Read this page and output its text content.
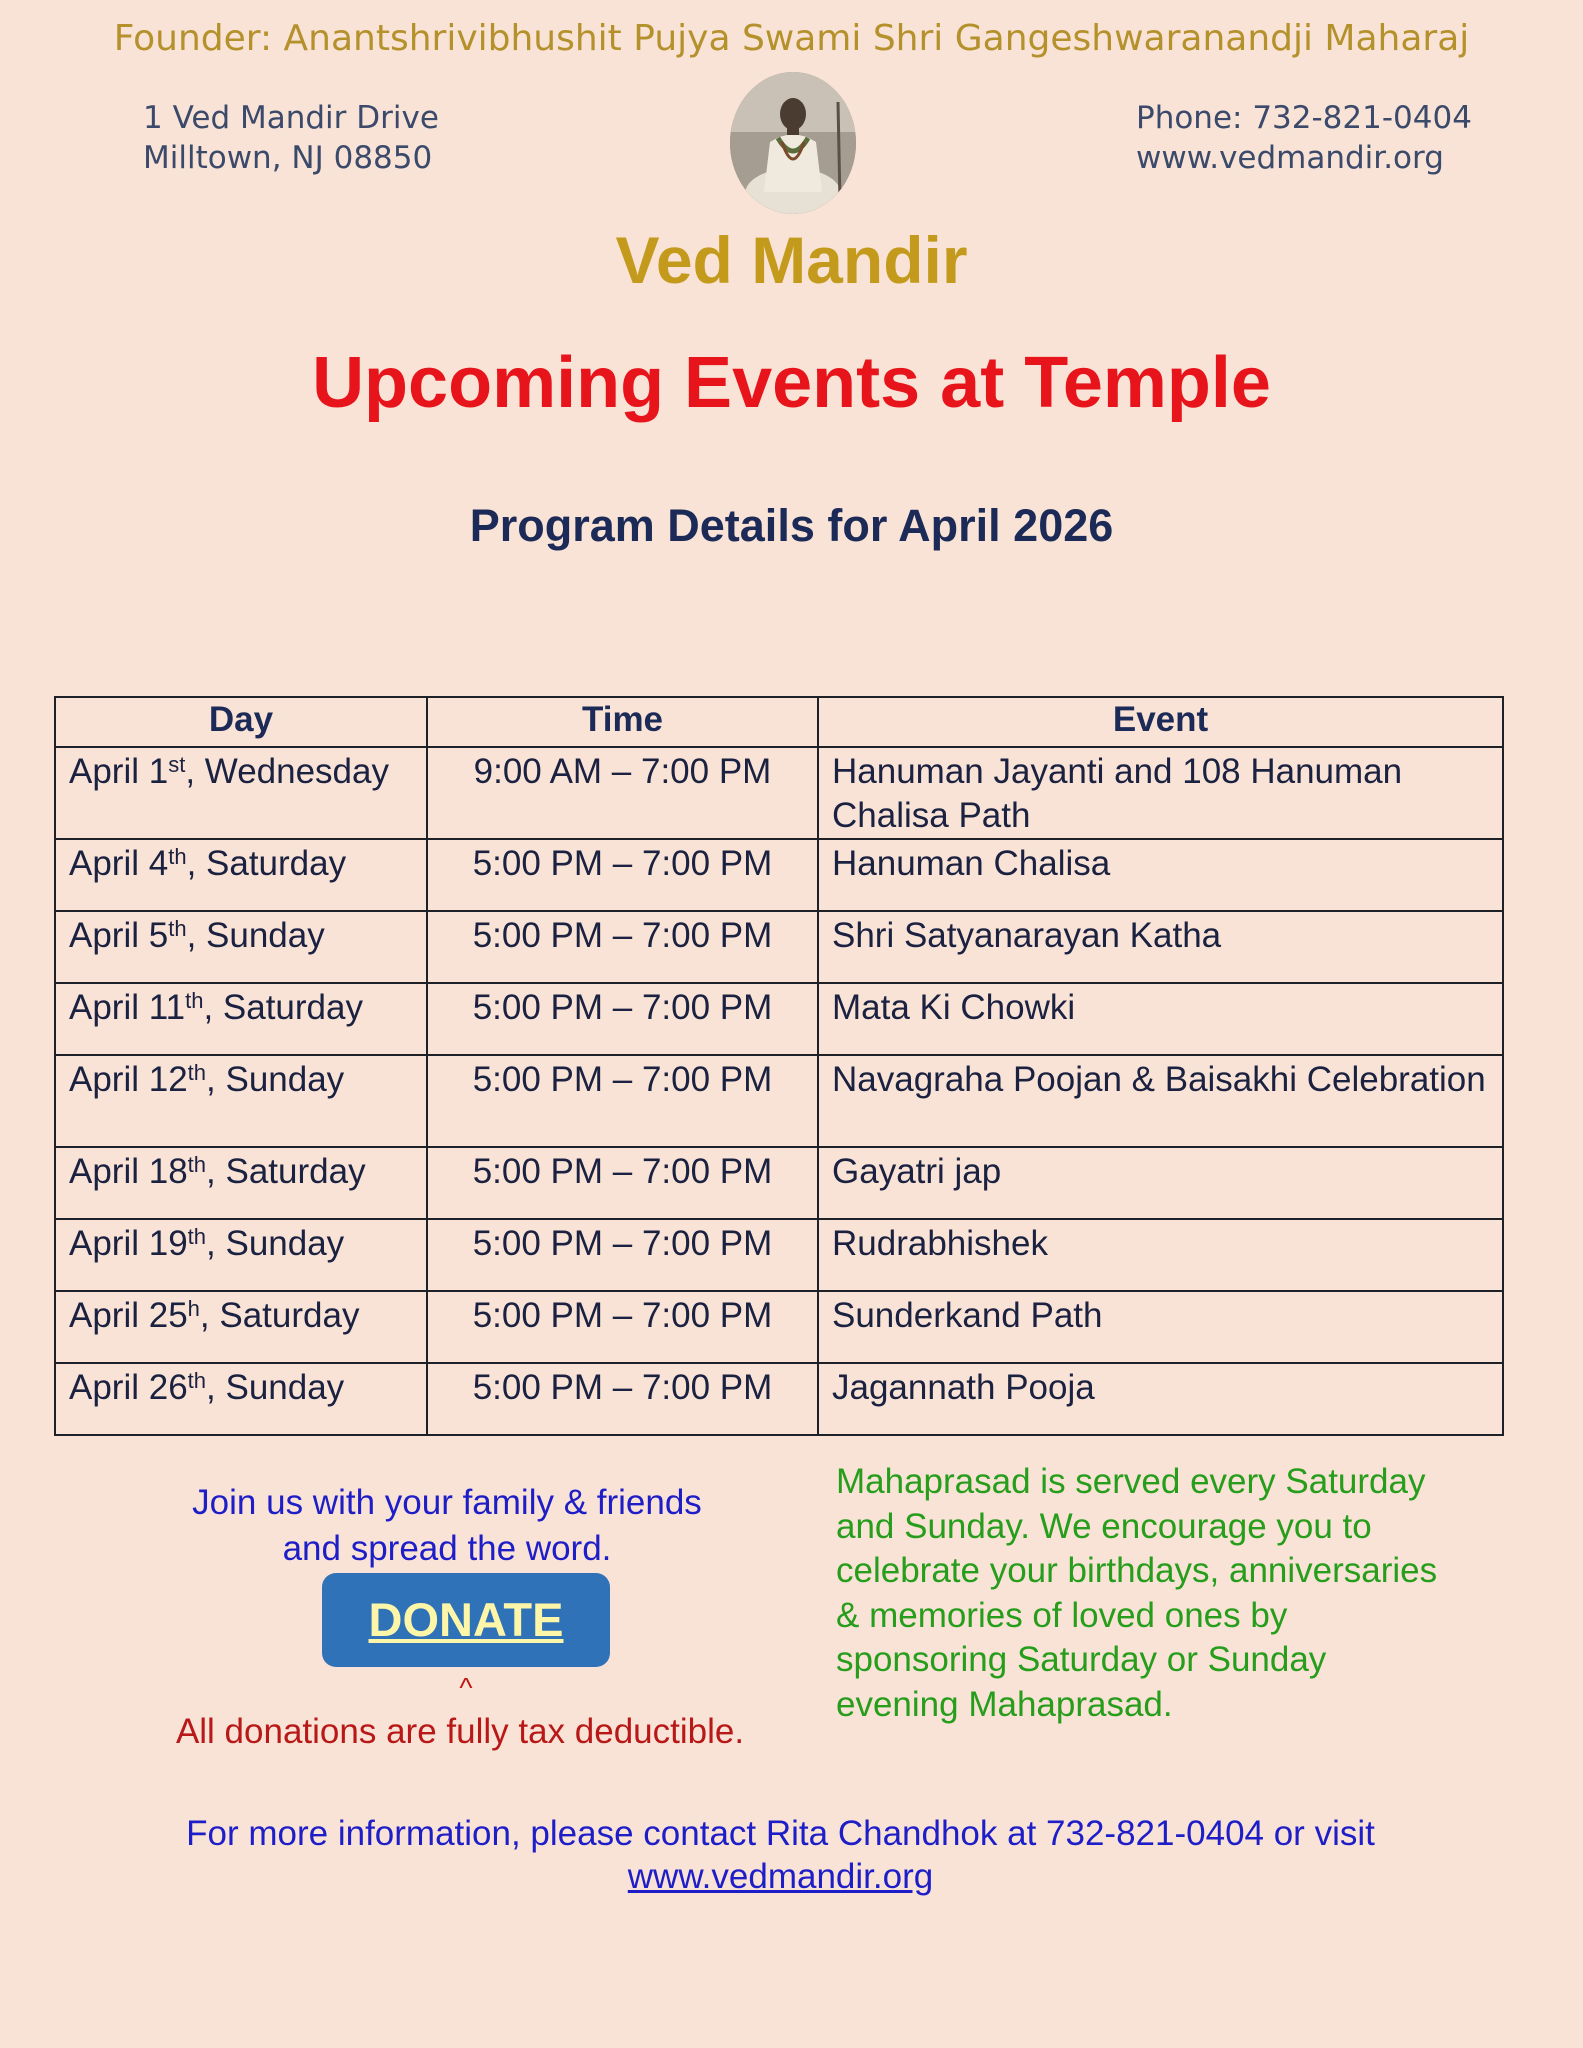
Founder: Anantshrivibhushit Pujya Swami Shri Gangeshwaranandji Maharaj
1 Ved Mandir Drive
Milltown, NJ 08850
Phone: 732-821-0404
www.vedmandir.org
Ved Mandir
Upcoming Events at Temple
Program Details for April 2026
Day	Time	Event
April 1st, Wednesday	9:00 AM – 7:00 PM	Hanuman Jayanti and 108 Hanuman Chalisa Path
April 4th, Saturday	5:00 PM – 7:00 PM	Hanuman Chalisa
April 5th, Sunday	5:00 PM – 7:00 PM	Shri Satyanarayan Katha
April 11th, Saturday	5:00 PM – 7:00 PM	Mata Ki Chowki
April 12th, Sunday	5:00 PM – 7:00 PM	Navagraha Poojan & Baisakhi Celebration
April 18th, Saturday	5:00 PM – 7:00 PM	Gayatri jap
April 19th, Sunday	5:00 PM – 7:00 PM	Rudrabhishek
April 25$^h$, Saturday	5:00 PM – 7:00 PM	Sunderkand Path
April 26th, Sunday	5:00 PM – 7:00 PM	Jagannath Pooja
Join us with your family & friends
and spread the word.
DONATE
^
All donations are fully tax deductible.
Mahaprasad is served every Saturday
and Sunday. We encourage you to
celebrate your birthdays, anniversaries
& memories of loved ones by
sponsoring Saturday or Sunday
evening Mahaprasad.
For more information, please contact Rita Chandhok at 732-821-0404 or visit
www.vedmandir.org
